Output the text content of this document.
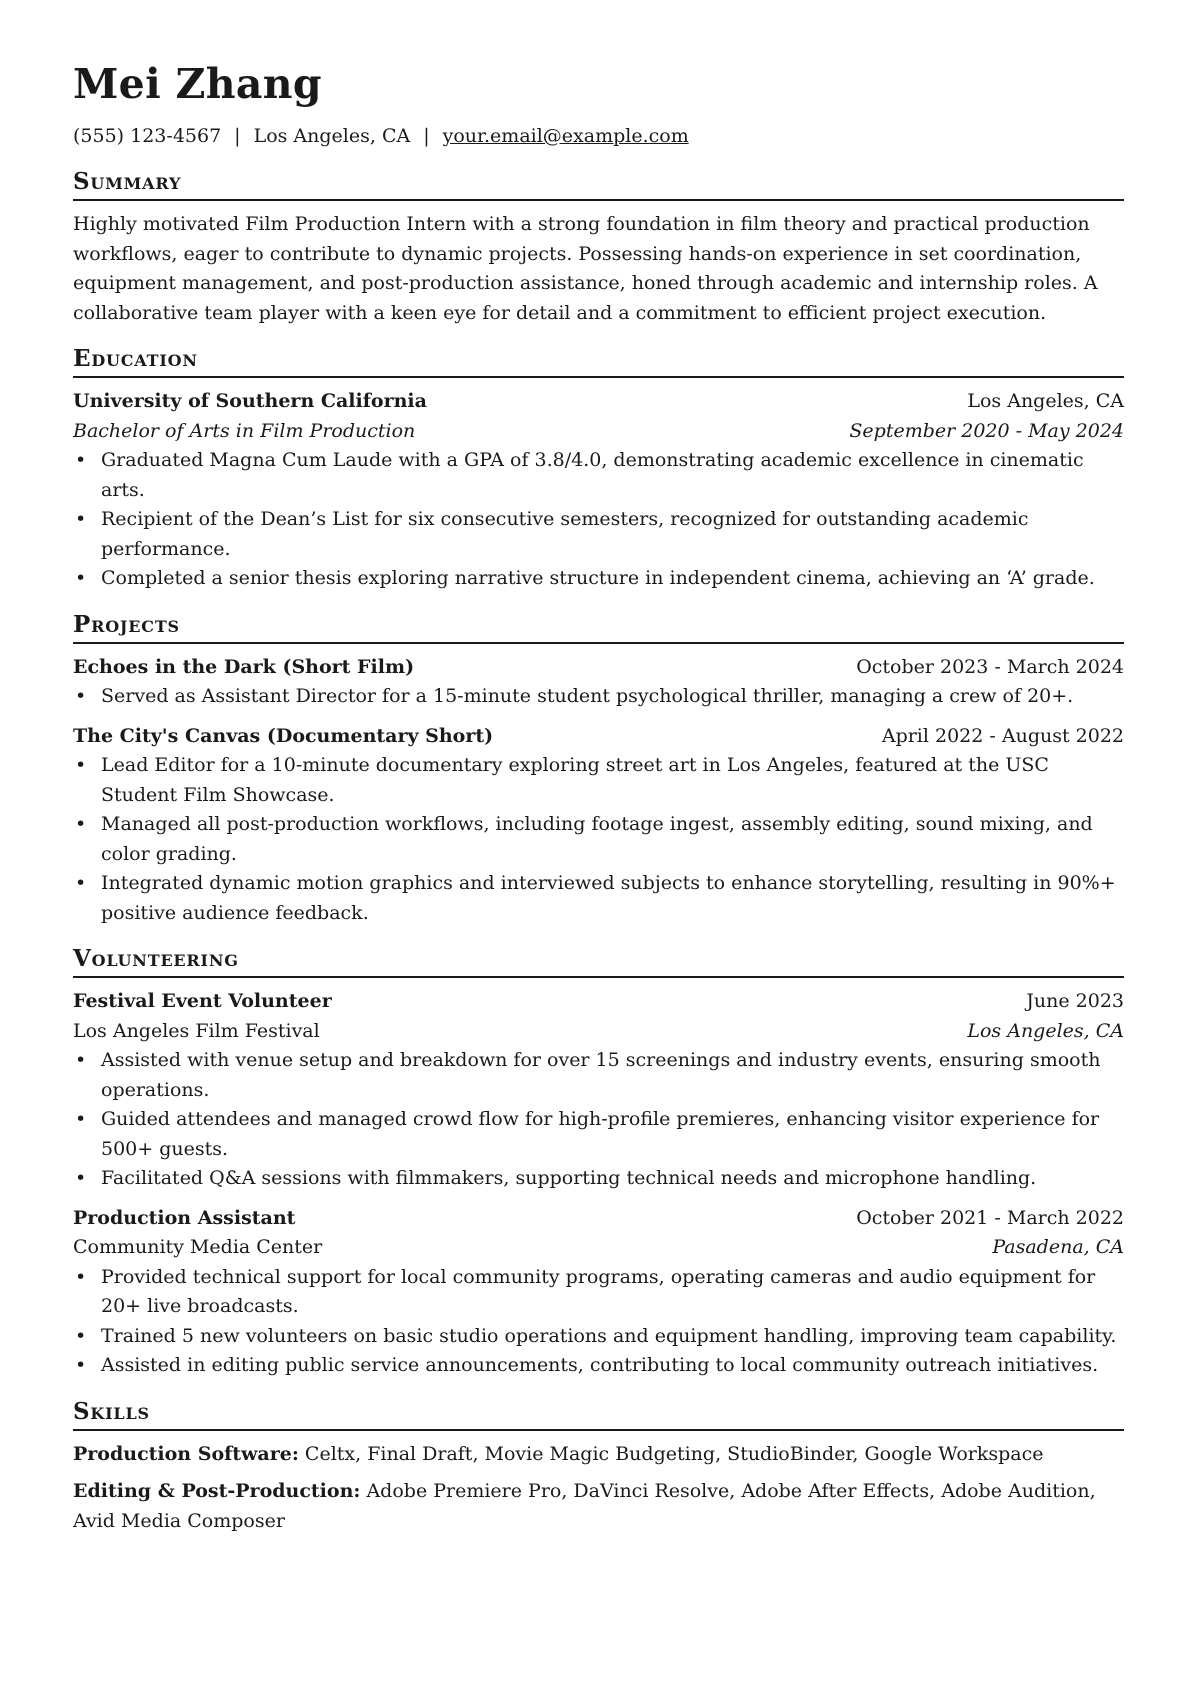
Mei Zhang
(555) 123-4567 | Los Angeles, CA | your.email@example.com
Summary

Highly motivated Film Production Intern with a strong foundation in film theory and practical production workflows, eager to contribute to dynamic projects. Possessing hands-on experience in set coordination, equipment management, and post-production assistance, honed through academic and internship roles. A collaborative team player with a keen eye for detail and a commitment to efficient project execution.

Education
University of Southern California	Los Angeles, CA
Bachelor of Arts in Film Production	September 2020 - May 2024
• Graduated Magna Cum Laude with a GPA of 3.8/4.0, demonstrating academic excellence in cinematic arts.
• Recipient of the Dean’s List for six consecutive semesters, recognized for outstanding academic performance.
• Completed a senior thesis exploring narrative structure in independent cinema, achieving an ‘A’ grade.
Projects
Echoes in the Dark (Short Film)	October 2023 - March 2024
• Served as Assistant Director for a 15-minute student psychological thriller, managing a crew of 20+.
The City's Canvas (Documentary Short)	April 2022 - August 2022
• Lead Editor for a 10-minute documentary exploring street art in Los Angeles, featured at the USC Student Film Showcase.
• Managed all post-production workflows, including footage ingest, assembly editing, sound mixing, and color grading.
• Integrated dynamic motion graphics and interviewed subjects to enhance storytelling, resulting in 90%+ positive audience feedback.
Volunteering
Festival Event Volunteer	June 2023
Los Angeles Film Festival	Los Angeles, CA
• Assisted with venue setup and breakdown for over 15 screenings and industry events, ensuring smooth operations.
• Guided attendees and managed crowd flow for high-profile premieres, enhancing visitor experience for 500+ guests.
• Facilitated Q&A sessions with filmmakers, supporting technical needs and microphone handling.
Production Assistant	October 2021 - March 2022
Community Media Center	Pasadena, CA
• Provided technical support for local community programs, operating cameras and audio equipment for 20+ live broadcasts.
• Trained 5 new volunteers on basic studio operations and equipment handling, improving team capability.
• Assisted in editing public service announcements, contributing to local community outreach initiatives.
Skills

Production Software: Celtx, Final Draft, Movie Magic Budgeting, StudioBinder, Google Workspace

Editing & Post-Production: Adobe Premiere Pro, DaVinci Resolve, Adobe After Effects, Adobe Audition, Avid Media Composer
